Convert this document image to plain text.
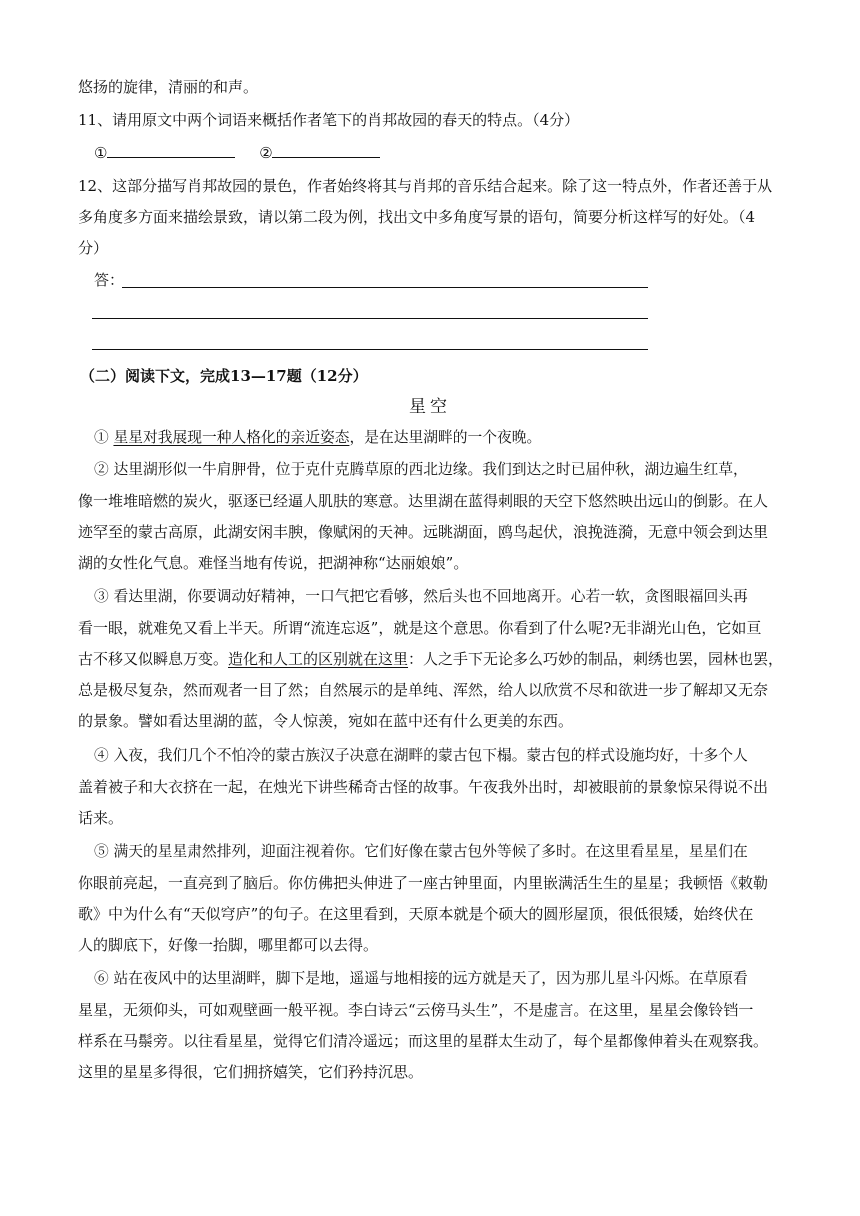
悠扬的旋律，清丽的和声。
11、请用原文中两个词语来概括作者笔下的肖邦故园的春天的特点。（4分）
①	②
12、这部分描写肖邦故园的景色，作者始终将其与肖邦的音乐结合起来。除了这一特点外，作者还善于从
多角度多方面来描绘景致，请以第二段为例，找出文中多角度写景的语句，简要分析这样写的好处。（4
分）
答：
（二）阅读下文，完成13—17题（12分）
星空
① 星星对我展现一种人格化的亲近姿态，是在达里湖畔的一个夜晚。
② 达里湖形似一牛肩胛骨，位于克什克腾草原的西北边缘。我们到达之时已届仲秋，湖边遍生红草，
像一堆堆暗燃的炭火，驱逐已经逼人肌肤的寒意。达里湖在蓝得刺眼的天空下悠然映出远山的倒影。在人
迹罕至的蒙古高原，此湖安闲丰腴，像赋闲的天神。远眺湖面，鸥鸟起伏，浪挽涟漪，无意中领会到达里
湖的女性化气息。难怪当地有传说，把湖神称“达丽娘娘”。
③ 看达里湖，你要调动好精神，一口气把它看够，然后头也不回地离开。心若一软，贪图眼福回头再
看一眼，就难免又看上半天。所谓“流连忘返”，就是这个意思。你看到了什么呢?无非湖光山色，它如亘
古不移又似瞬息万变。造化和人工的区别就在这里：人之手下无论多么巧妙的制品，刺绣也罢，园林也罢，
总是极尽复杂，然而观者一目了然；自然展示的是单纯、浑然，给人以欣赏不尽和欲进一步了解却又无奈
的景象。譬如看达里湖的蓝，令人惊羡，宛如在蓝中还有什么更美的东西。
④ 入夜，我们几个不怕冷的蒙古族汉子决意在湖畔的蒙古包下榻。蒙古包的样式设施均好，十多个人
盖着被子和大衣挤在一起，在烛光下讲些稀奇古怪的故事。午夜我外出时，却被眼前的景象惊呆得说不出
话来。
⑤ 满天的星星肃然排列，迎面注视着你。它们好像在蒙古包外等候了多时。在这里看星星，星星们在
你眼前亮起，一直亮到了脑后。你仿佛把头伸进了一座古钟里面，内里嵌满活生生的星星；我顿悟《敕勒
歌》中为什么有“天似穹庐”的句子。在这里看到，天原本就是个硕大的圆形屋顶，很低很矮，始终伏在
人的脚底下，好像一抬脚，哪里都可以去得。
⑥ 站在夜风中的达里湖畔，脚下是地，遥遥与地相接的远方就是天了，因为那儿星斗闪烁。在草原看
星星，无须仰头，可如观壁画一般平视。李白诗云“云傍马头生”，不是虚言。在这里，星星会像铃铛一
样系在马鬃旁。以往看星星，觉得它们清冷遥远；而这里的星群太生动了，每个星都像伸着头在观察我。
这里的星星多得很，它们拥挤嬉笑，它们矜持沉思。
